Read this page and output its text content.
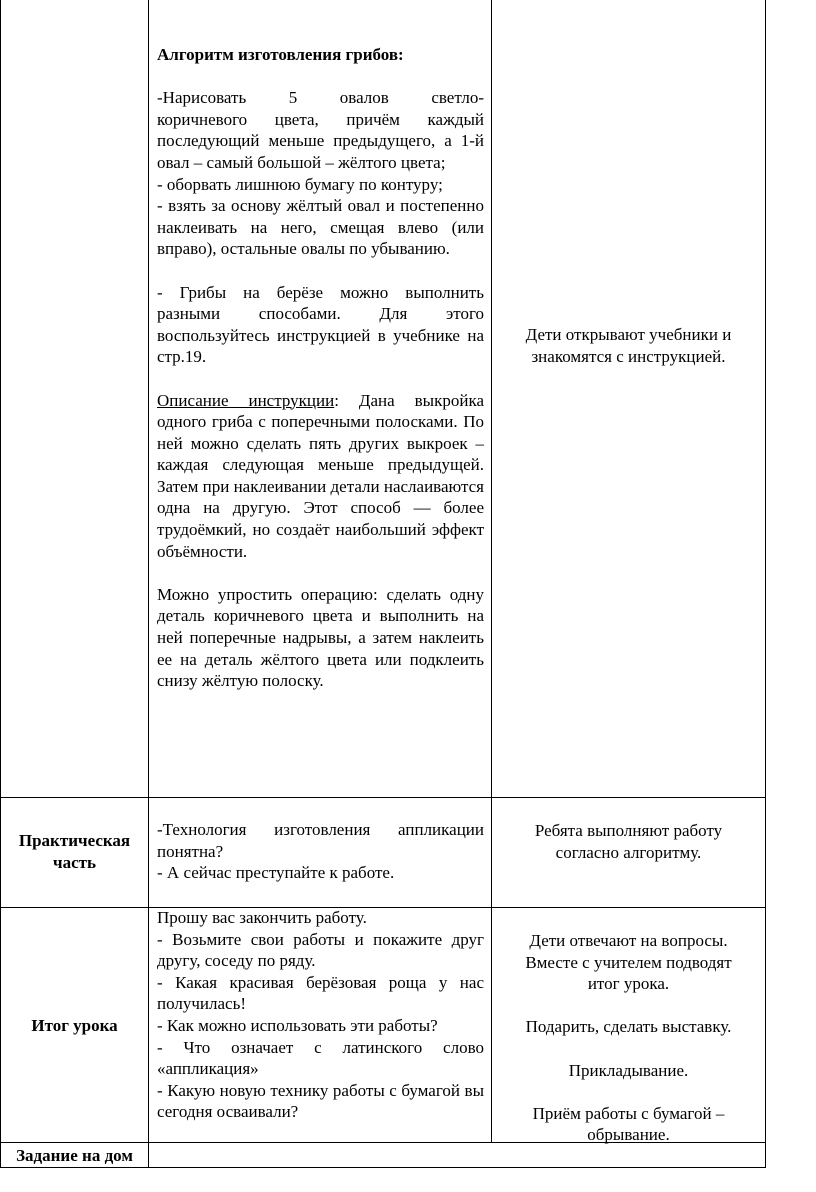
Алгоритм изготовления грибов:

-Нарисовать 5 овалов светло-

коричневого цвета, причём каждый последующий меньше предыдущего, а 1-й овал – самый большой – жёлтого цвета;

- оборвать лишнюю бумагу по контуру;

- взять за основу жёлтый овал и постепенно наклеивать на него, смещая влево (или вправо), остальные овалы по убыванию.

- Грибы на берёзе можно выполнить разными способами. Для этого воспользуйтесь инструкцией в учебнике на стр.19.

Описание инструкции: Дана выкройка одного гриба с поперечными полосками. По ней можно сделать пять других выкроек – каждая следующая меньше предыдущей. Затем при наклеивании детали наслаиваются одна на другую. Этот способ — более трудоёмкий, но создаёт наибольший эффект объёмности.

Можно упростить операцию: сделать одну деталь коричневого цвета и выполнить на ней поперечные надрывы, а затем наклеить ее на деталь жёлтого цвета или подклеить снизу жёлтую полоску.

Дети открывают учебники и
знакомятся с инструкцией.
Практическая
часть

-Технология изготовления аппликации понятна?

- А сейчас преступайте к работе.

Ребята выполняют работу
согласно алгоритму.
Итог урока

Прошу вас закончить работу.

- Возьмите свои работы и покажите друг другу, соседу по ряду.

- Какая красивая берёзовая роща у нас получилась!

- Как можно использовать эти работы?

- Что означает с латинского слово «аппликация»

- Какую новую технику работы с бумагой вы сегодня осваивали?

Дети отвечают на вопросы.
Вместе с учителем подводят
итог урока.
Подарить, сделать выставку.
Прикладывание.
Приём работы с бумагой –
обрывание.
Задание на дом
